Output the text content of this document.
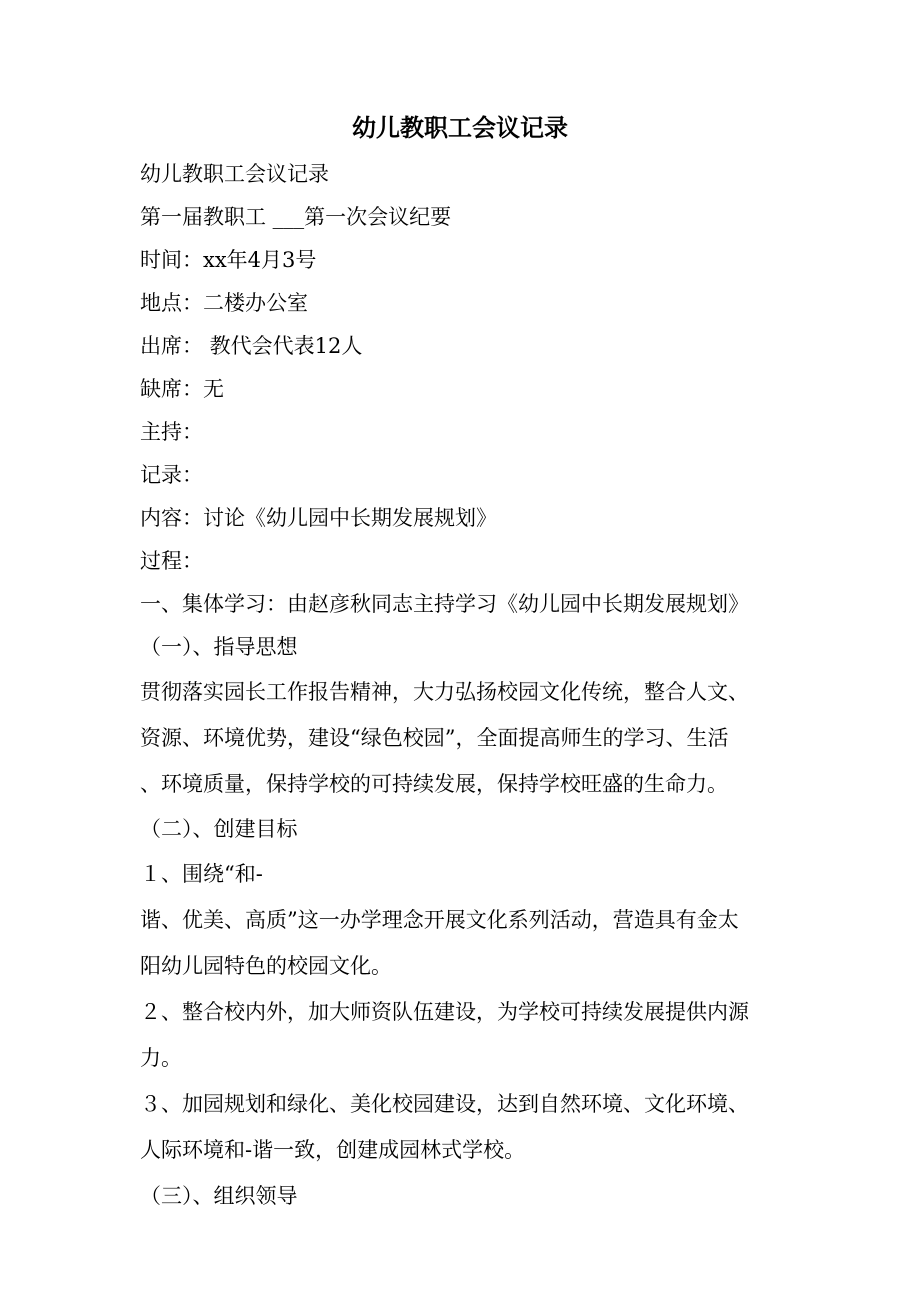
幼儿教职工会议记录

幼儿教职工会议记录

第一届教职工 ___第一次会议纪要

时间：xx年4月3号

地点：二楼办公室

出席： 教代会代表12人

缺席：无

主持：

记录：

内容：讨论《幼儿园中长期发展规划》

过程：

一、集体学习：由赵彦秋同志主持学习《幼儿园中长期发展规划》

（一）、指导思想

贯彻落实园长工作报告精神，大力弘扬校园文化传统，整合人文、
资源、环境优势，建设“绿色校园”，全面提高师生的学习、生活
、环境质量，保持学校的可持续发展，保持学校旺盛的生命力。

（二）、创建目标

１、围绕“和-
谐、优美、高质”这一办学理念开展文化系列活动，营造具有金太
阳幼儿园特色的校园文化。
２、整合校内外，加大师资队伍建设，为学校可持续发展提供内源
力。
３、加园规划和绿化、美化校园建设，达到自然环境、文化环境、
人际环境和-谐一致，创建成园林式学校。

（三）、组织领导
